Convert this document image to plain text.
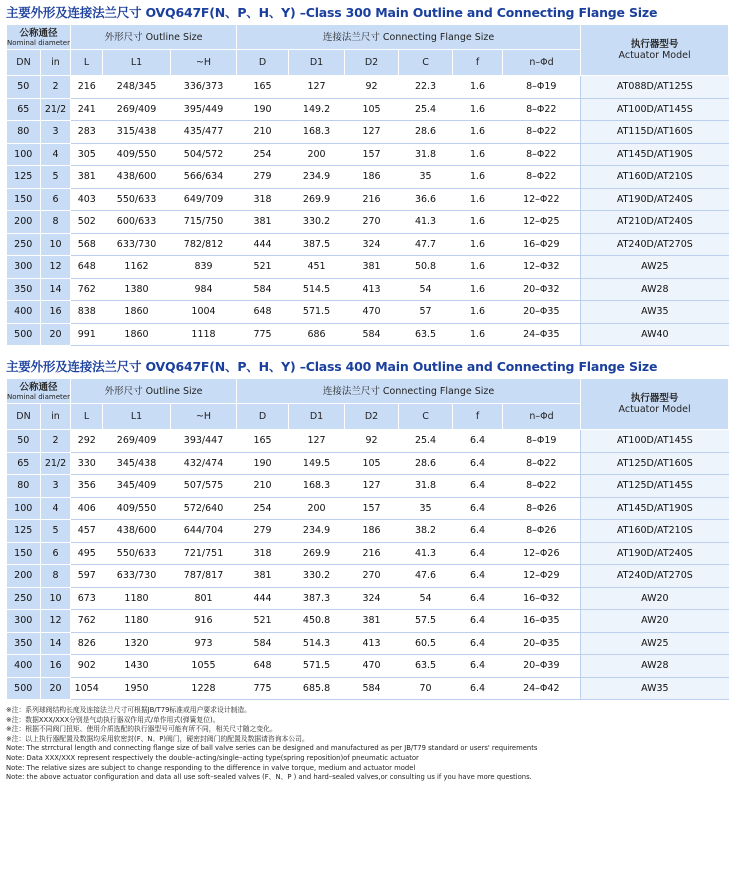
主要外形及连接法兰尺寸 OVQ647F(N、P、H、Y) –Class 300 Main Outline and Connecting Flange Size
公称通径
Nominal diameter		外形尺寸 Outline Size			连接法兰尺寸 Connecting Flange Size						执行器型号
Actuator Model

DN	in	L	L1	~H	D	D1	D2	C	f	n–Φd	
50	2	216	248/345	336/373	165	127	92	22.3	1.6	8–Φ19	AT088D/AT125S
65	21/2	241	269/409	395/449	190	149.2	105	25.4	1.6	8–Φ22	AT100D/AT145S
80	3	283	315/438	435/477	210	168.3	127	28.6	1.6	8–Φ22	AT115D/AT160S
100	4	305	409/550	504/572	254	200	157	31.8	1.6	8–Φ22	AT145D/AT190S
125	5	381	438/600	566/634	279	234.9	186	35	1.6	8–Φ22	AT160D/AT210S
150	6	403	550/633	649/709	318	269.9	216	36.6	1.6	12–Φ22	AT190D/AT240S
200	8	502	600/633	715/750	381	330.2	270	41.3	1.6	12–Φ25	AT210D/AT240S
250	10	568	633/730	782/812	444	387.5	324	47.7	1.6	16–Φ29	AT240D/AT270S
300	12	648	1162	839	521	451	381	50.8	1.6	12–Φ32	AW25
350	14	762	1380	984	584	514.5	413	54	1.6	20–Φ32	AW28
400	16	838	1860	1004	648	571.5	470	57	1.6	20–Φ35	AW35
500	20	991	1860	1118	775	686	584	63.5	1.6	24–Φ35	AW40
主要外形及连接法兰尺寸 OVQ647F(N、P、H、Y) –Class 400 Main Outline and Connecting Flange Size
公称通径
Nominal diameter		外形尺寸 Outline Size			连接法兰尺寸 Connecting Flange Size						执行器型号
Actuator Model

DN	in	L	L1	~H	D	D1	D2	C	f	n–Φd	
50	2	292	269/409	393/447	165	127	92	25.4	6.4	8–Φ19	AT100D/AT145S
65	21/2	330	345/438	432/474	190	149.5	105	28.6	6.4	8–Φ22	AT125D/AT160S
80	3	356	345/409	507/575	210	168.3	127	31.8	6.4	8–Φ22	AT125D/AT145S
100	4	406	409/550	572/640	254	200	157	35	6.4	8–Φ26	AT145D/AT190S
125	5	457	438/600	644/704	279	234.9	186	38.2	6.4	8–Φ26	AT160D/AT210S
150	6	495	550/633	721/751	318	269.9	216	41.3	6.4	12–Φ26	AT190D/AT240S
200	8	597	633/730	787/817	381	330.2	270	47.6	6.4	12–Φ29	AT240D/AT270S
250	10	673	1180	801	444	387.3	324	54	6.4	16–Φ32	AW20
300	12	762	1180	916	521	450.8	381	57.5	6.4	16–Φ35	AW20
350	14	826	1320	973	584	514.3	413	60.5	6.4	20–Φ35	AW25
400	16	902	1430	1055	648	571.5	470	63.5	6.4	20–Φ39	AW28
500	20	1054	1950	1228	775	685.8	584	70	6.4	24–Φ42	AW35
※注：系列球阀结构长度及连接法兰尺寸可根据JB/T79标准或用户要求设计制造。
※注：数据XXX/XXX分别是气动执行器双作用式/单作用式(弹簧复位)。
※注：根据不同阀门扭矩、使用介质选配的执行器型号可能有所不同，相关尺寸随之变化。
※注：以上执行器配置及数据均采用软密封(F、N、P)阀门，硬密封阀门的配置及数据请咨询本公司。
Note: The strrctural length and connecting flange size of ball valve series can be designed and manufactured as per JB/T79 standard or users' requirements
Note: Data XXX/XXX represent respectively the double–acting/single–acting type(spring reposition)of pneumatic actuator
Note: The relative sizes are subject to change responding to the difference in valve torque, medium and actuator model
Note: the above actuator configuration and data all use soft–sealed valves (F、N、P ) and hard–sealed valves,or consulting us if you have more questions.
